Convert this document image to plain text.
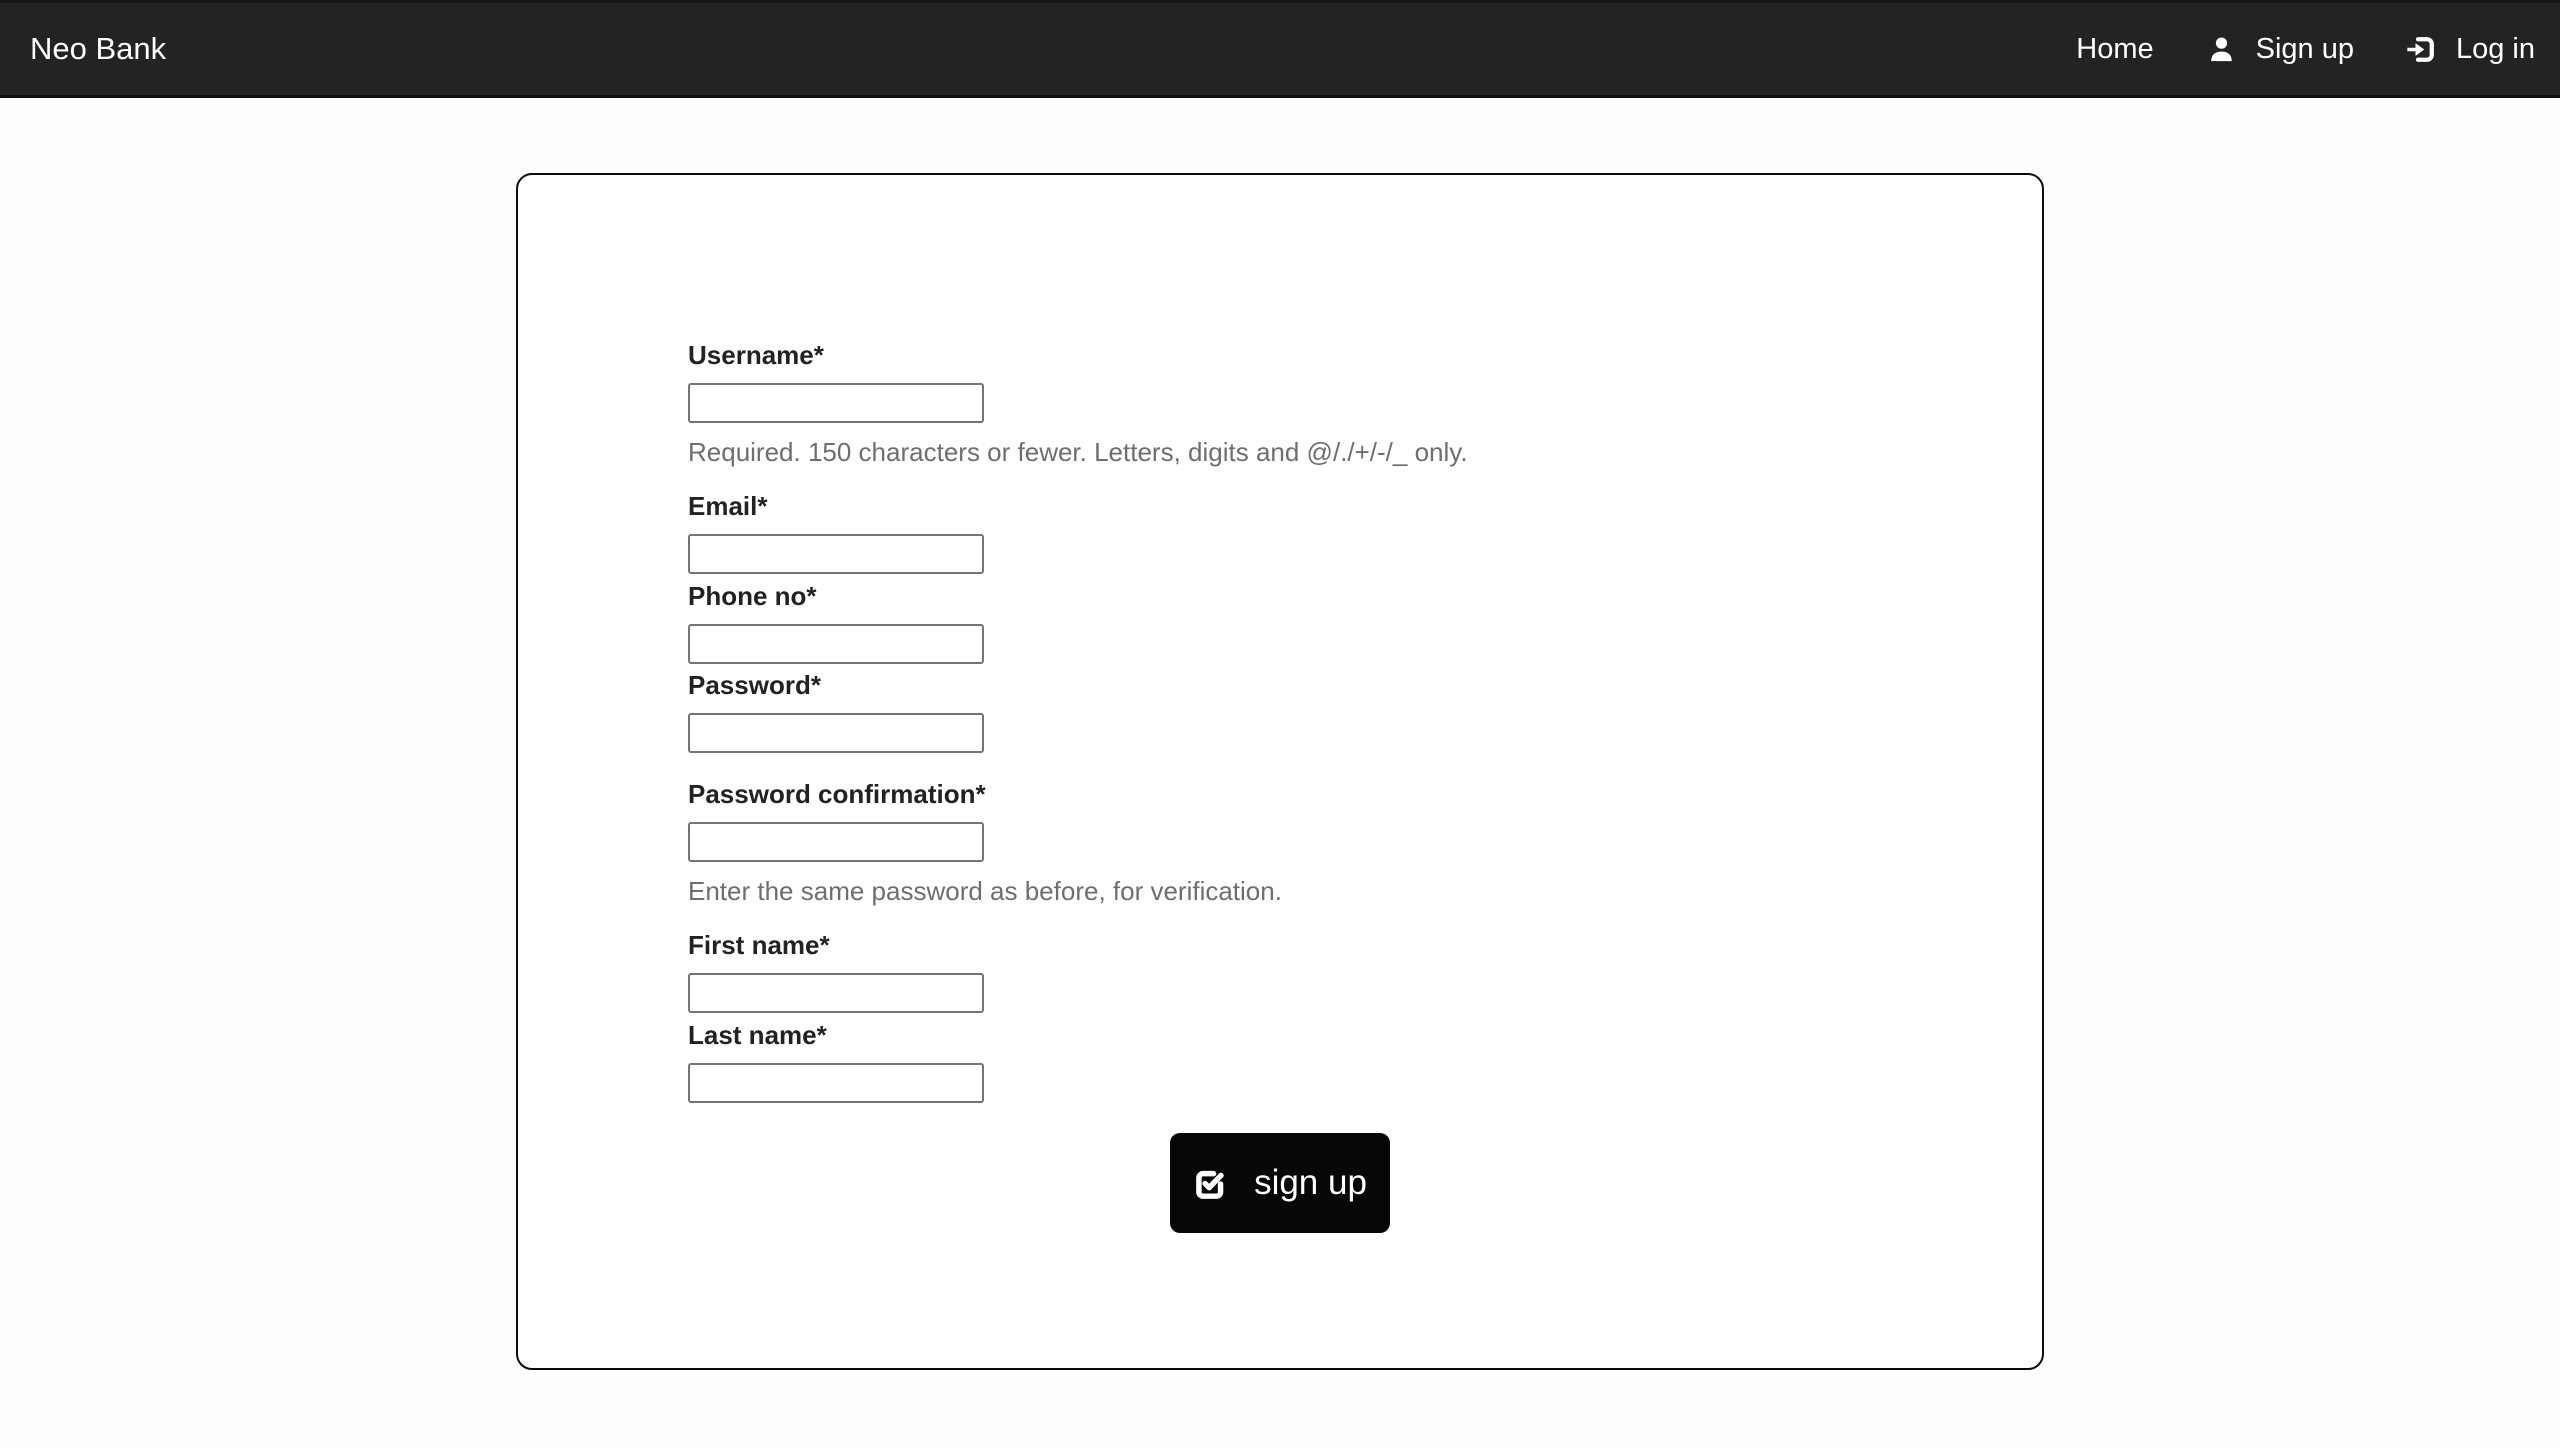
Neo Bank	Home	Sign up	Log in
Username*
Required. 150 characters or fewer. Letters, digits and @/./+/-/_ only.
Email*
Phone no*
Password*
Password confirmation*
Enter the same password as before, for verification.
First name*
Last name*
sign up
